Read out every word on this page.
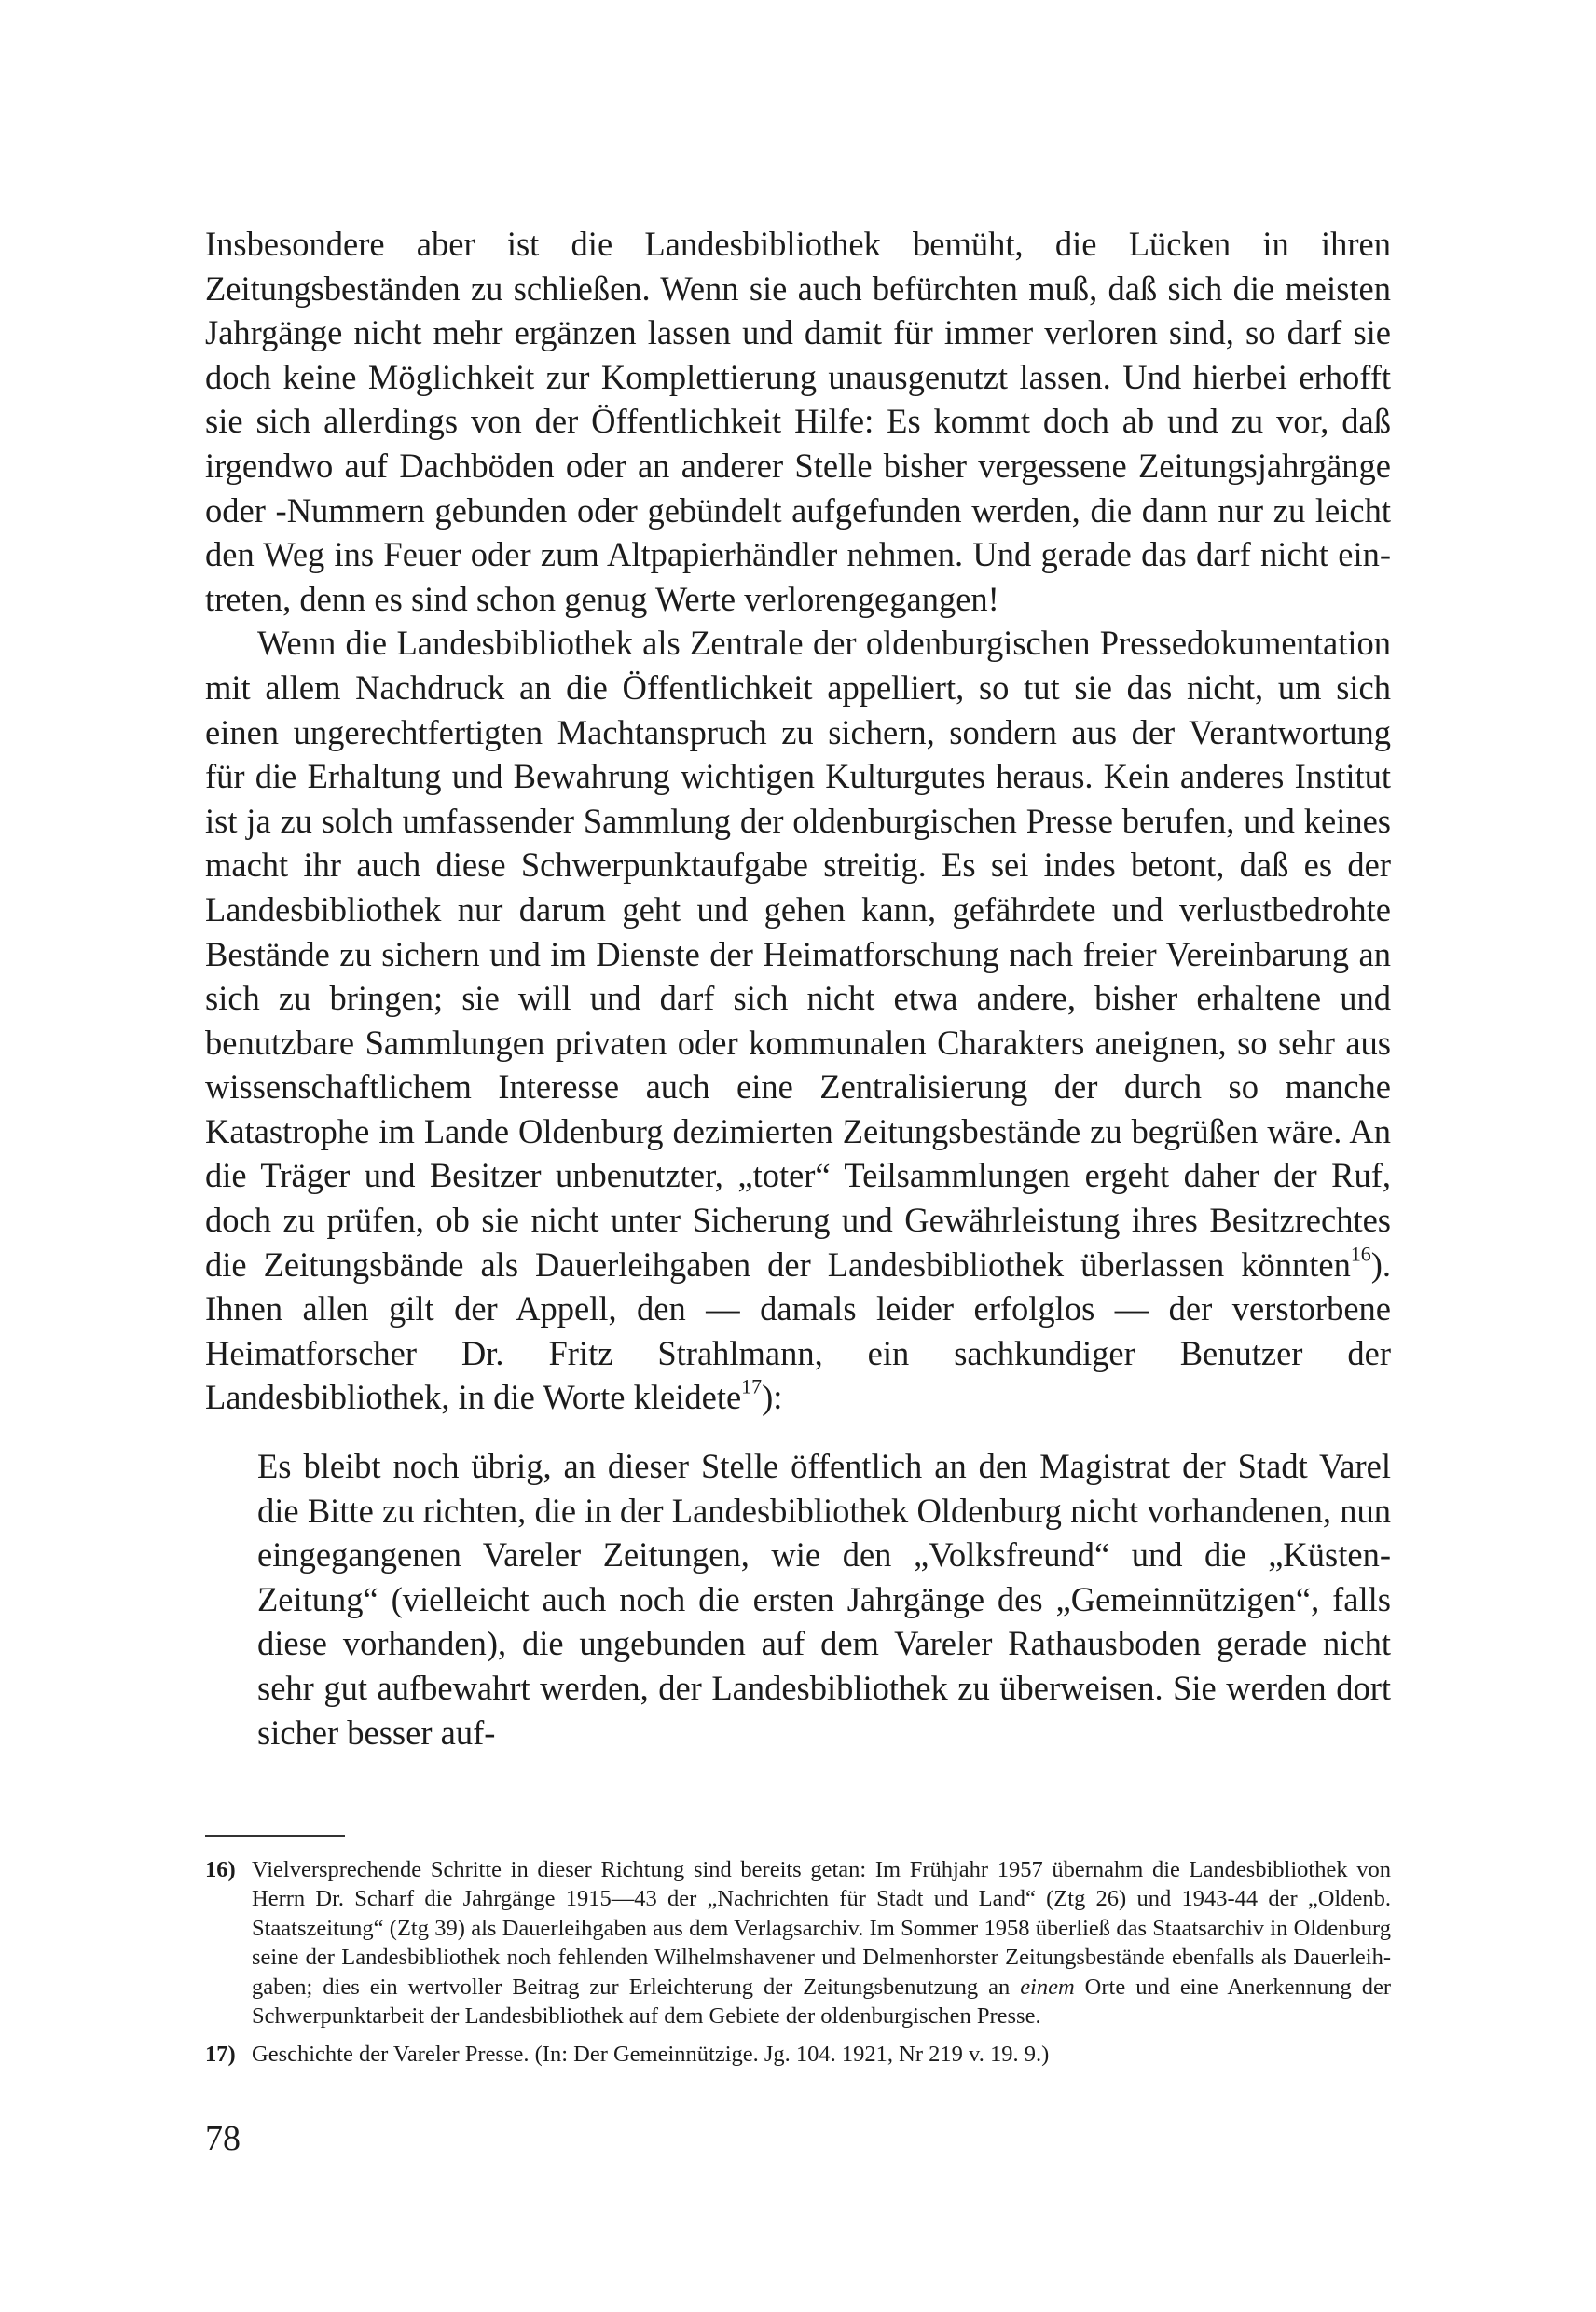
Insbesondere aber ist die Landesbibliothek bemüht, die Lücken in ihren Zeitungsbeständen zu schließen. Wenn sie auch befürchten muß, daß sich die meisten Jahrgänge nicht mehr ergänzen lassen und damit für immer verloren sind, so darf sie doch keine Möglichkeit zur Komplettierung unausgenutzt lassen. Und hierbei erhofft sie sich allerdings von der Öffentlichkeit Hilfe: Es kommt doch ab und zu vor, daß irgendwo auf Dachböden oder an anderer Stelle bisher vergessene Zeitungsjahrgänge oder -Nummern gebunden oder gebündelt aufgefunden werden, die dann nur zu leicht den Weg ins Feuer oder zum Altpapierhändler nehmen. Und gerade das darf nicht eintreten, denn es sind schon genug Werte verlorengegangen!

Wenn die Landesbibliothek als Zentrale der oldenburgischen Pressedokumentation mit allem Nachdruck an die Öffentlichkeit appelliert, so tut sie das nicht, um sich einen ungerechtfertigten Machtanspruch zu sichern, sondern aus der Verantwortung für die Erhaltung und Bewahrung wichtigen Kulturgutes heraus. Kein anderes Institut ist ja zu solch umfassender Sammlung der oldenburgischen Presse berufen, und keines macht ihr auch diese Schwerpunktaufgabe streitig. Es sei indes betont, daß es der Landesbibliothek nur darum geht und gehen kann, gefährdete und verlustbedrohte Bestände zu sichern und im Dienste der Heimatforschung nach freier Vereinbarung an sich zu bringen; sie will und darf sich nicht etwa andere, bisher erhaltene und benutzbare Sammlungen privaten oder kommunalen Charakters aneignen, so sehr aus wissenschaftlichem Interesse auch eine Zentralisierung der durch so manche Katastrophe im Lande Oldenburg dezimierten Zeitungsbestände zu begrüßen wäre. An die Träger und Besitzer unbenutzter, „toter“ Teilsammlungen ergeht daher der Ruf, doch zu prüfen, ob sie nicht unter Sicherung und Gewährleistung ihres Besitzrechtes die Zeitungsbände als Dauerleihgaben der Landesbibliothek überlassen könnten$^{16}$). Ihnen allen gilt der Appell, den — damals leider erfolglos — der verstorbene Heimatforscher Dr. Fritz Strahlmann, ein sachkundiger Benutzer der Landesbibliothek, in die Worte kleidete$^{17}$):

Es bleibt noch übrig, an dieser Stelle öffentlich an den Magistrat der Stadt Varel die Bitte zu richten, die in der Landesbibliothek Oldenburg nicht vorhandenen, nun eingegangenen Vareler Zeitungen, wie den „Volksfreund“ und die „Küsten-Zeitung“ (vielleicht auch noch die ersten Jahrgänge des „Gemeinnützigen“, falls diese vorhanden), die ungebunden auf dem Vareler Rathausboden gerade nicht sehr gut aufbewahrt werden, der Landesbibliothek zu überweisen. Sie werden dort sicher besser auf-

16) Vielversprechende Schritte in dieser Richtung sind bereits getan: Im Frühjahr 1957 übernahm die Landesbibliothek von Herrn Dr. Scharf die Jahrgänge 1915—43 der „Nachrichten für Stadt und Land“ (Ztg 26) und 1943-44 der „Oldenb. Staatszeitung“ (Ztg 39) als Dauerleihgaben aus dem Verlagsarchiv. Im Sommer 1958 überließ das Staatsarchiv in Oldenburg seine der Landesbibliothek noch fehlenden Wilhelmshavener und Delmenhorster Zeitungsbestände ebenfalls als Dauerleihgaben; dies ein wertvoller Beitrag zur Erleichterung der Zeitungsbenutzung an einem Orte und eine Anerkennung der Schwerpunktarbeit der Landesbibliothek auf dem Gebiete der oldenburgischen Presse.
17) Geschichte der Vareler Presse. (In: Der Gemeinnützige. Jg. 104. 1921, Nr 219 v. 19. 9.)
78
